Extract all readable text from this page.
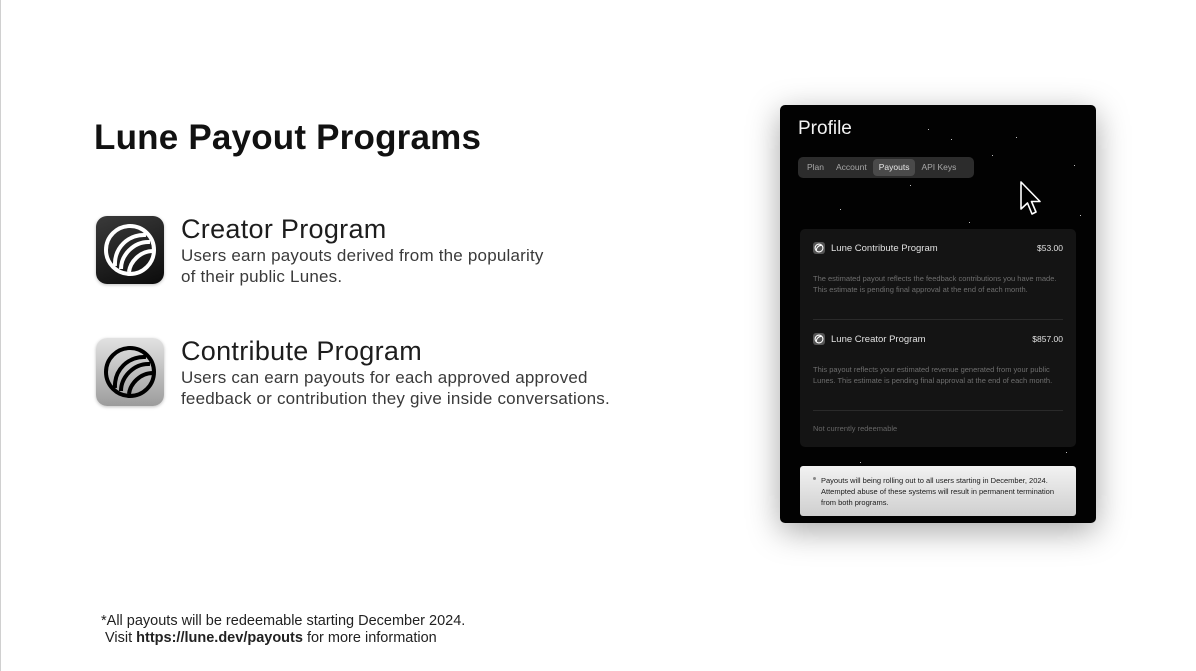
Lune Payout Programs
Creator Program
Users earn payouts derived from the popularity
of their public Lunes.
Contribute Program
Users can earn payouts for each approved approved
feedback or contribution they give inside conversations.
*All payouts will be redeemable starting December 2024.
Visit https://lune.dev/payouts for more information
Profile
Plan	Account	Payouts	API Keys
Lune Contribute Program	$53.00
The estimated payout reflects the feedback contributions you have made. This estimate is pending final approval at the end of each month.
Lune Creator Program	$857.00
This payout reflects your estimated revenue generated from your public Lunes. This estimate is pending final approval at the end of each month.
Not currently redeemable
Payouts will being rolling out to all users starting in December, 2024. Attempted abuse of these systems will result in permanent termination from both programs.
